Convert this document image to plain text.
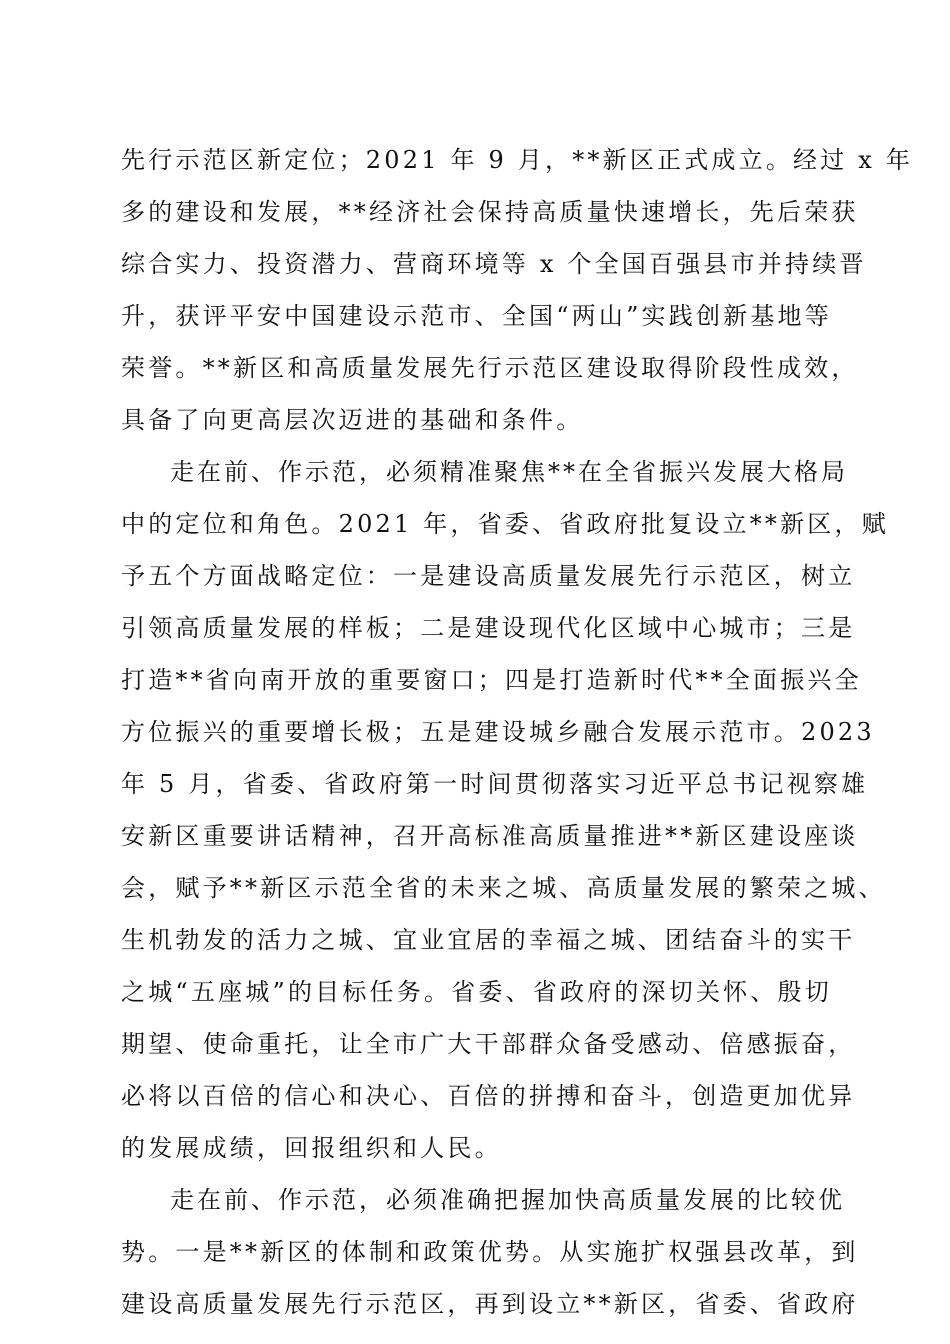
先行示范区新定位；2021 年 9 月，**新区正式成立。经过 x 年
多的建设和发展，**经济社会保持高质量快速增长，先后荣获
综合实力、投资潜力、营商环境等 x 个全国百强县市并持续晋
升，获评平安中国建设示范市、全国“两山”实践创新基地等
荣誉。**新区和高质量发展先行示范区建设取得阶段性成效，
具备了向更高层次迈进的基础和条件。
走在前、作示范，必须精准聚焦**在全省振兴发展大格局
中的定位和角色。2021 年，省委、省政府批复设立**新区，赋
予五个方面战略定位：一是建设高质量发展先行示范区，树立
引领高质量发展的样板；二是建设现代化区域中心城市；三是
打造**省向南开放的重要窗口；四是打造新时代**全面振兴全
方位振兴的重要增长极；五是建设城乡融合发展示范市。2023
年 5 月，省委、省政府第一时间贯彻落实习近平总书记视察雄
安新区重要讲话精神，召开高标准高质量推进**新区建设座谈
会，赋予**新区示范全省的未来之城、高质量发展的繁荣之城、
生机勃发的活力之城、宜业宜居的幸福之城、团结奋斗的实干
之城“五座城”的目标任务。省委、省政府的深切关怀、殷切
期望、使命重托，让全市广大干部群众备受感动、倍感振奋，
必将以百倍的信心和决心、百倍的拼搏和奋斗，创造更加优异
的发展成绩，回报组织和人民。
走在前、作示范，必须准确把握加快高质量发展的比较优
势。一是**新区的体制和政策优势。从实施扩权强县改革，到
建设高质量发展先行示范区，再到设立**新区，省委、省政府
